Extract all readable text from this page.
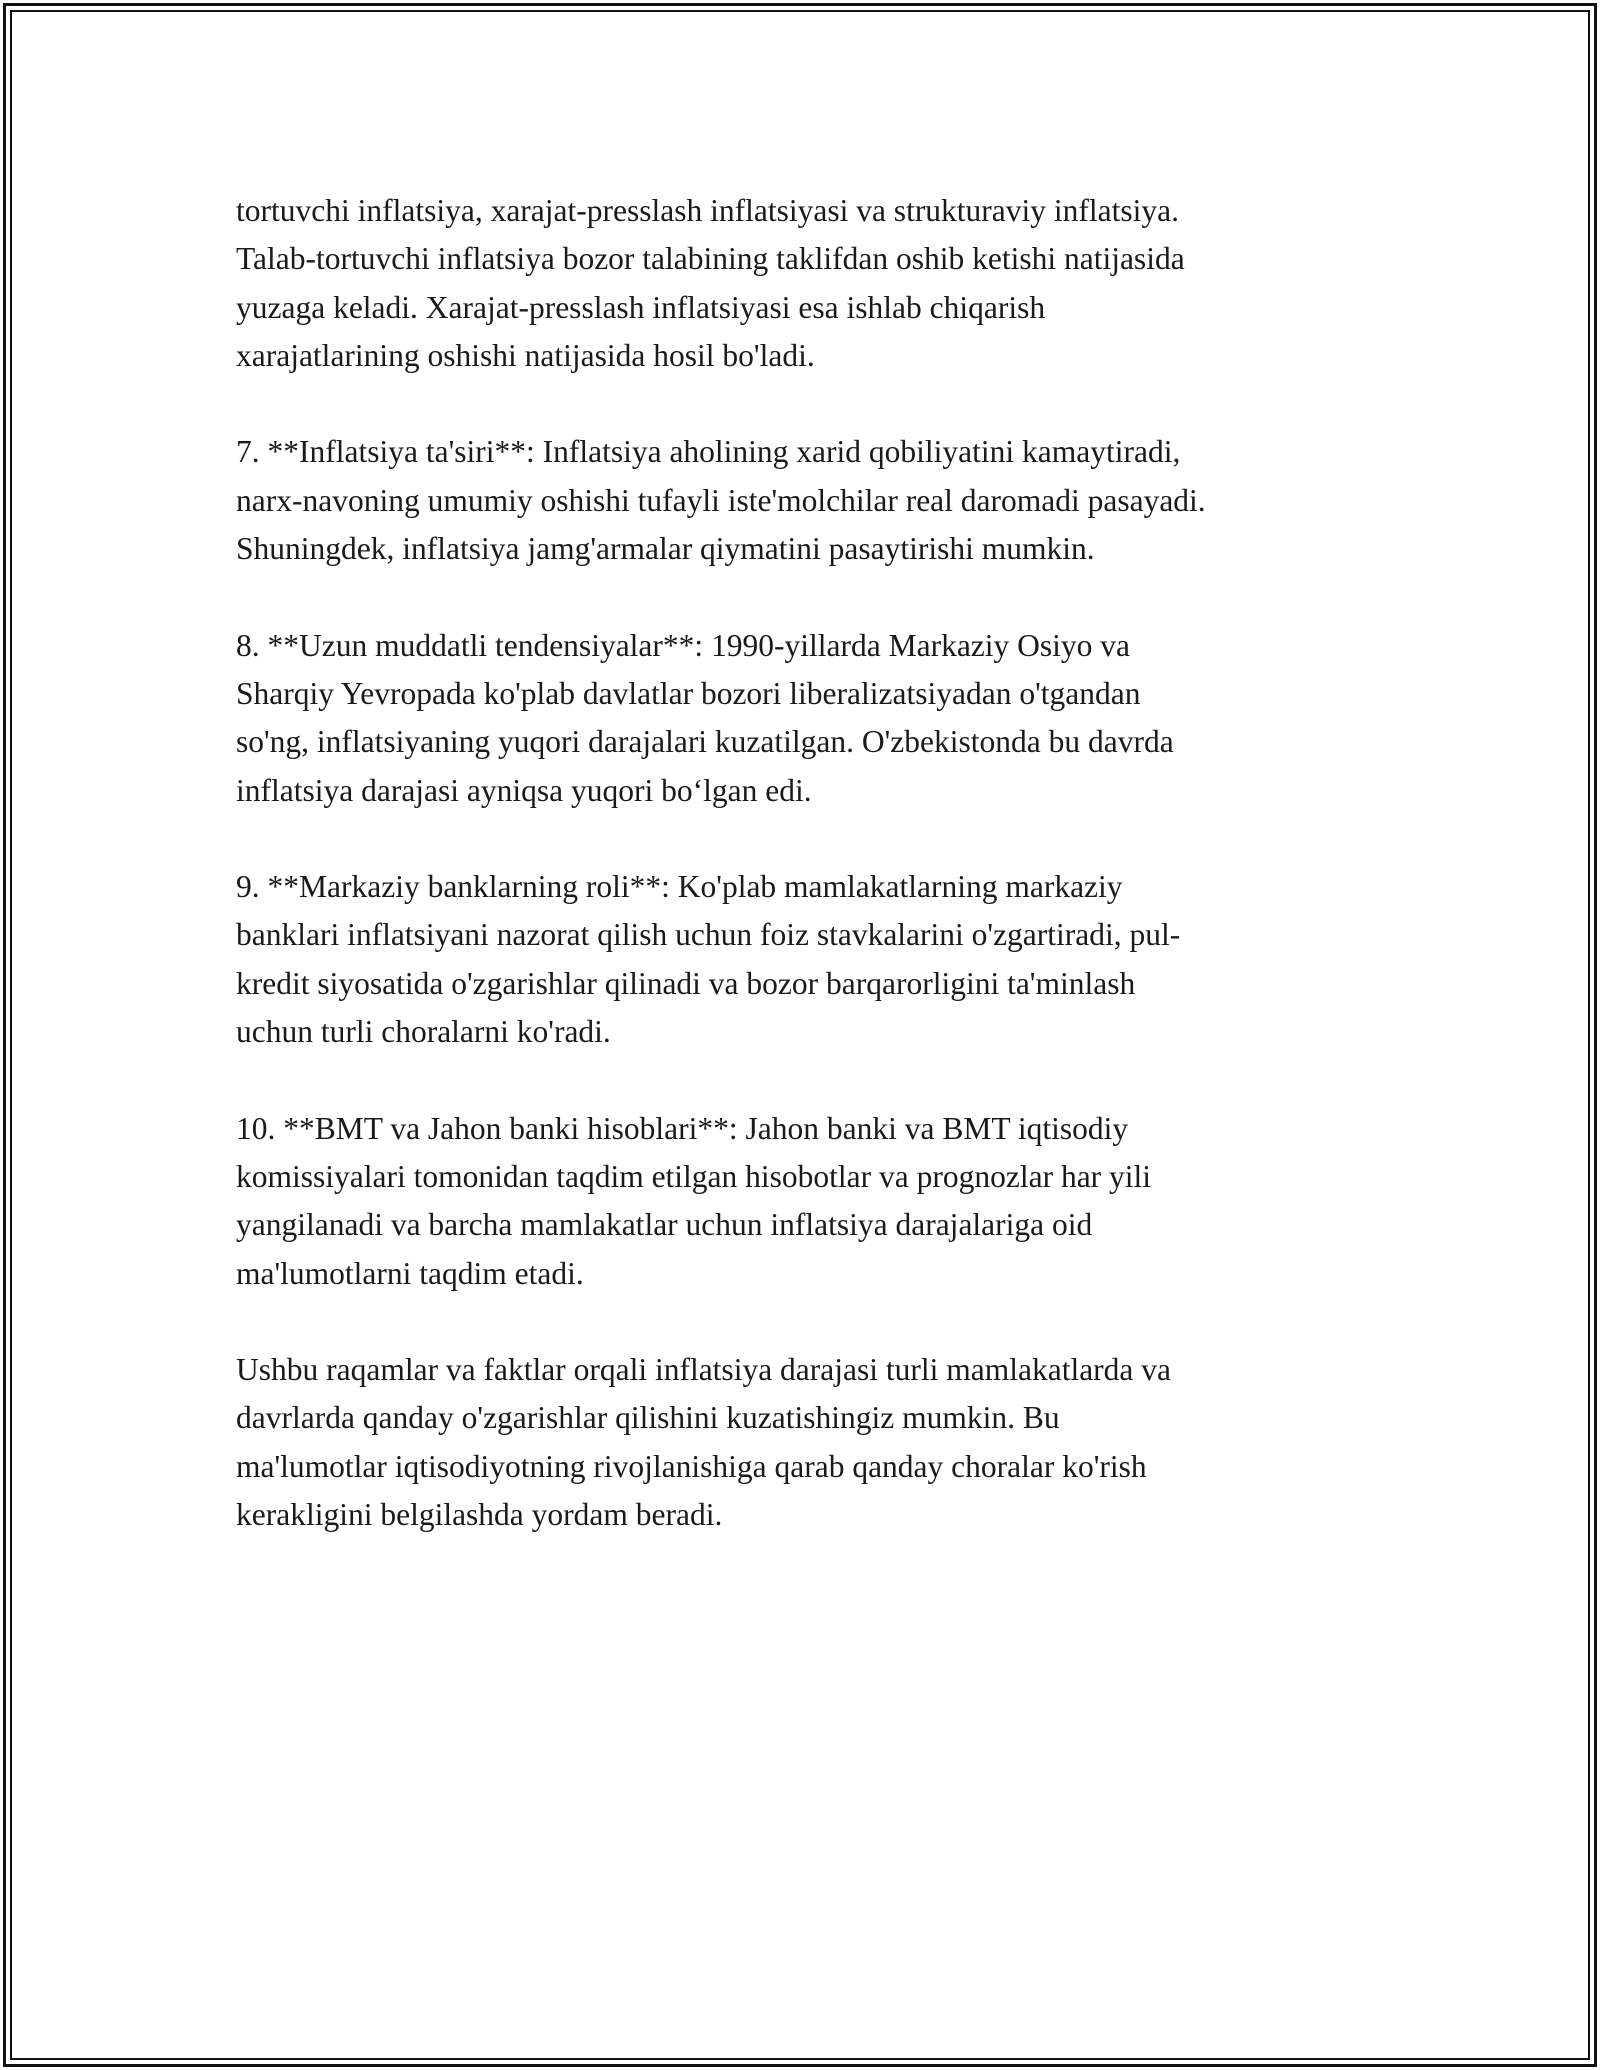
tortuvchi inflatsiya, xarajat-presslash inflatsiyasi va strukturaviy inflatsiya.
Talab-tortuvchi inflatsiya bozor talabining taklifdan oshib ketishi natijasida
yuzaga keladi. Xarajat-presslash inflatsiyasi esa ishlab chiqarish
xarajatlarining oshishi natijasida hosil bo'ladi.

7. **Inflatsiya ta'siri**: Inflatsiya aholining xarid qobiliyatini kamaytiradi,
narx-navoning umumiy oshishi tufayli iste'molchilar real daromadi pasayadi.
Shuningdek, inflatsiya jamg'armalar qiymatini pasaytirishi mumkin.

8. **Uzun muddatli tendensiyalar**: 1990-yillarda Markaziy Osiyo va
Sharqiy Yevropada ko'plab davlatlar bozori liberalizatsiyadan o'tgandan
so'ng, inflatsiyaning yuqori darajalari kuzatilgan. O'zbekistonda bu davrda
inflatsiya darajasi ayniqsa yuqori bo‘lgan edi.

9. **Markaziy banklarning roli**: Ko'plab mamlakatlarning markaziy
banklari inflatsiyani nazorat qilish uchun foiz stavkalarini o'zgartiradi, pul-
kredit siyosatida o'zgarishlar qilinadi va bozor barqarorligini ta'minlash
uchun turli choralarni ko'radi.

10. **BMT va Jahon banki hisoblari**: Jahon banki va BMT iqtisodiy
komissiyalari tomonidan taqdim etilgan hisobotlar va prognozlar har yili
yangilanadi va barcha mamlakatlar uchun inflatsiya darajalariga oid
ma'lumotlarni taqdim etadi.

Ushbu raqamlar va faktlar orqali inflatsiya darajasi turli mamlakatlarda va
davrlarda qanday o'zgarishlar qilishini kuzatishingiz mumkin. Bu
ma'lumotlar iqtisodiyotning rivojlanishiga qarab qanday choralar ko'rish
kerakligini belgilashda yordam beradi.
